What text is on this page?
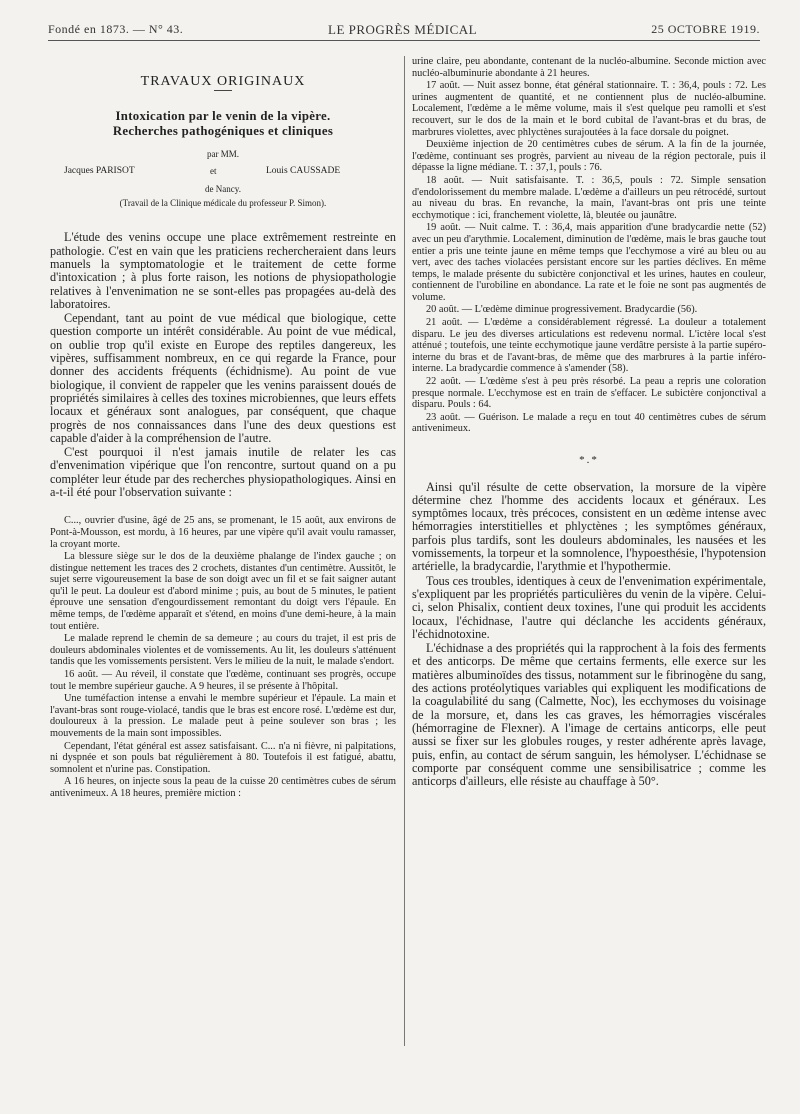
Fondé en 1873. — N° 43.	LE PROGRÈS MÉDICAL	25 OCTOBRE 1919.
TRAVAUX ORIGINAUX
Intoxication par le venin de la vipère.
Recherches pathogéniques et cliniques
par MM.
Jacques PARISOT	et	Louis CAUSSADE
de Nancy.
(Travail de la Clinique médicale du professeur P. Simon).

L'étude des venins occupe une place extrêmement restreinte en pathologie. C'est en vain que les praticiens rechercheraient dans leurs manuels la symptomatologie et le traitement de cette forme d'intoxication ; à plus forte raison, les notions de physiopathologie relatives à l'envenimation ne se sont-elles pas propagées au-delà des laboratoires.

Cependant, tant au point de vue médical que biologique, cette question comporte un intérêt considérable. Au point de vue médical, on oublie trop qu'il existe en Europe des reptiles dangereux, les vipères, suffisamment nombreux, en ce qui regarde la France, pour donner des accidents fréquents (échidnisme). Au point de vue biologique, il convient de rappeler que les venins paraissent doués de propriétés similaires à celles des toxines microbiennes, que leurs effets locaux et généraux sont analogues, par conséquent, que chaque progrès de nos connaissances dans l'une des deux questions est capable d'aider à la compréhension de l'autre.

C'est pourquoi il n'est jamais inutile de relater les cas d'envenimation vipérique que l'on rencontre, surtout quand on a pu compléter leur étude par des recherches physiopathologiques. Ainsi en a-t-il été pour l'observation suivante :

C..., ouvrier d'usine, âgé de 25 ans, se promenant, le 15 août, aux environs de Pont-à-Mousson, est mordu, à 16 heures, par une vipère qu'il avait voulu ramasser, la croyant morte.

La blessure siège sur le dos de la deuxième phalange de l'index gauche ; on distingue nettement les traces des 2 crochets, distantes d'un centimètre. Aussitôt, le sujet serre vigoureusement la base de son doigt avec un fil et se fait saigner autant qu'il le peut. La douleur est d'abord minime ; puis, au bout de 5 minutes, le patient éprouve une sensation d'engourdissement remontant du doigt vers l'épaule. En même temps, de l'œdème apparaît et s'étend, en moins d'une demi-heure, à la main tout entière.

Le malade reprend le chemin de sa demeure ; au cours du trajet, il est pris de douleurs abdominales violentes et de vomissements. Au lit, les douleurs s'atténuent tandis que les vomissements persistent. Vers le milieu de la nuit, le malade s'endort.

16 août. — Au réveil, il constate que l'œdème, continuant ses progrès, occupe tout le membre supérieur gauche. A 9 heures, il se présente à l'hôpital.

Une tuméfaction intense a envahi le membre supérieur et l'épaule. La main et l'avant-bras sont rouge-violacé, tandis que le bras est encore rosé. L'œdème est dur, douloureux à la pression. Le malade peut à peine soulever son bras ; les mouvements de la main sont impossibles.

Cependant, l'état général est assez satisfaisant. C... n'a ni fièvre, ni palpitations, ni dyspnée et son pouls bat régulièrement à 80. Toutefois il est fatigué, abattu, somnolent et n'urine pas. Constipation.

A 16 heures, on injecte sous la peau de la cuisse 20 centimètres cubes de sérum antivenimeux. A 18 heures, première miction :

urine claire, peu abondante, contenant de la nucléo-albumine. Seconde miction avec nucléo-albuminurie abondante à 21 heures.

17 août. — Nuit assez bonne, état général stationnaire. T. : 36,4, pouls : 72. Les urines augmentent de quantité, et ne contiennent plus de nucléo-albumine. Localement, l'œdème a le même volume, mais il s'est quelque peu ramolli et s'est recouvert, sur le dos de la main et le bord cubital de l'avant-bras et du bras, de marbrures violettes, avec phlyctènes surajoutées à la face dorsale du poignet.

Deuxième injection de 20 centimètres cubes de sérum. A la fin de la journée, l'œdème, continuant ses progrès, parvient au niveau de la région pectorale, puis il dépasse la ligne médiane. T. : 37,1, pouls : 76.

18 août. — Nuit satisfaisante. T. : 36,5, pouls : 72. Simple sensation d'endolorissement du membre malade. L'œdème a d'ailleurs un peu rétrocédé, surtout au niveau du bras. En revanche, la main, l'avant-bras ont pris une teinte ecchymotique : ici, franchement violette, là, bleutée ou jaunâtre.

19 août. — Nuit calme. T. : 36,4, mais apparition d'une bradycardie nette (52) avec un peu d'arythmie. Localement, diminution de l'œdème, mais le bras gauche tout entier a pris une teinte jaune en même temps que l'ecchymose a viré au bleu ou au vert, avec des taches violacées persistant encore sur les parties déclives. En même temps, le malade présente du subictère conjonctival et les urines, hautes en couleur, contiennent de l'urobiline en abondance. La rate et le foie ne sont pas augmentés de volume.

20 août. — L'œdème diminue progressivement. Bradycardie (56).

21 août. — L'œdème a considérablement régressé. La douleur a totalement disparu. Le jeu des diverses articulations est redevenu normal. L'ictère local s'est atténué ; toutefois, une teinte ecchymotique jaune verdâtre persiste à la partie supéro-interne du bras et de l'avant-bras, de même que des marbrures à la partie inféro-interne. La bradycardie commence à s'amender (58).

22 août. — L'œdème s'est à peu près résorbé. La peau a repris une coloration presque normale. L'ecchymose est en train de s'effacer. Le subictère conjonctival a disparu. Pouls : 64.

23 août. — Guérison. Le malade a reçu en tout 40 centimètres cubes de sérum antivenimeux.

*.*

Ainsi qu'il résulte de cette observation, la morsure de la vipère détermine chez l'homme des accidents locaux et généraux. Les symptômes locaux, très précoces, consistent en un œdème intense avec hémorragies interstitielles et phlyctènes ; les symptômes généraux, parfois plus tardifs, sont les douleurs abdominales, les nausées et les vomissements, la torpeur et la somnolence, l'hypoesthésie, l'hypotension artérielle, la bradycardie, l'arythmie et l'hypothermie.

Tous ces troubles, identiques à ceux de l'envenimation expérimentale, s'expliquent par les propriétés particulières du venin de la vipère. Celui-ci, selon Phisalix, contient deux toxines, l'une qui produit les accidents locaux, l'échidnase, l'autre qui déclanche les accidents généraux, l'échidnotoxine.

L'échidnase a des propriétés qui la rapprochent à la fois des ferments et des anticorps. De même que certains ferments, elle exerce sur les matières albuminoïdes des tissus, notamment sur le fibrinogène du sang, des actions protéolytiques variables qui expliquent les modifications de la coagulabilité du sang (Calmette, Noc), les ecchymoses du voisinage de la morsure, et, dans les cas graves, les hémorragies viscérales (hémorragine de Flexner). A l'image de certains anticorps, elle peut aussi se fixer sur les globules rouges, y rester adhérente après lavage, puis, enfin, au contact de sérum sanguin, les hémolyser. L'échidnase se comporte par conséquent comme une sensibilisatrice ; comme les anticorps d'ailleurs, elle résiste au chauffage à 50°.
